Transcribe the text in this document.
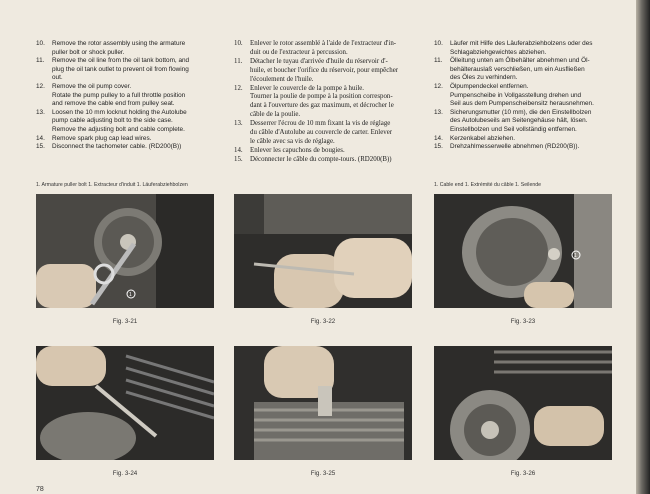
10.	Remove the rotor assembly using the armature
puller bolt or shock puller.
11.	Remove the oil line from the oil tank bottom, and
plug the oil tank outlet to prevent oil from flowing
out.
12.	Remove the oil pump cover.
Rotate the pump pulley to a full throttle position
and remove the cable end from pulley seat.
13.	Loosen the 10 mm locknut holding the Autolube
pump cable adjusting bolt to the side case.
Remove the adjusting bolt and cable complete.
14.	Remove spark plug cap lead wires.
15.	Disconnect the tachometer cable. (RD200(B))
10.	Enlever le rotor assemblé à l'aide de l'extracteur d'in-
duit ou de l'extracteur à percussion.
11.	Détacher le tuyau d'arrivée d'huile du réservoir d'-
huile, et boucher l'orifice du réservoir, pour empêcher
l'écoulement de l'huile.
12.	Enlever le couvercle de la pompe à huile.
Tourner la poulie de pompe à la position correspon-
dant à l'ouverture des gaz maximum, et décrocher le
câble de la poulie.
13.	Desserrer l'écrou de 10 mm fixant la vis de réglage
du câble d'Autolube au couvercle de carter. Enlever
le câble avec sa vis de réglage.
14.	Enlever les capuchons de bougies.
15.	Déconnecter le câble du compte-tours. (RD200(B))
10.	Läufer mit Hilfe des Läuferabziehbolzens oder des
Schlagabziehgewichtes abziehen.
11.	Ölleitung unten am Ölbehälter abnehmen und Öl-
behälterauslaß verschließen, um ein Ausfließen
des Öles zu verhindern.
12.	Ölpumpendeckel entfernen.
Pumpenscheibe in Vollgasstellung drehen und
Seil aus dem Pumpenscheibensitz herausnehmen.
13.	Sicherungsmutter (10 mm), die den Einstellbolzen
des Autolubeseils am Seitengehäuse hält, lösen.
Einstellbolzen und Seil vollständig entfernen.
14.	Kerzenkabel abziehen.
15.	Drehzahlmesserwelle abnehmen (RD200(B)).
1. Armature puller bolt 1. Extracteur d'induit 1. Läuferabziehbolzen	1. Cable end 1. Extrémité du câble 1. Seilende
1
Fig. 3-21	Fig. 3-22
1
Fig. 3-23
Fig. 3-24	Fig. 3-25	Fig. 3-26
78
